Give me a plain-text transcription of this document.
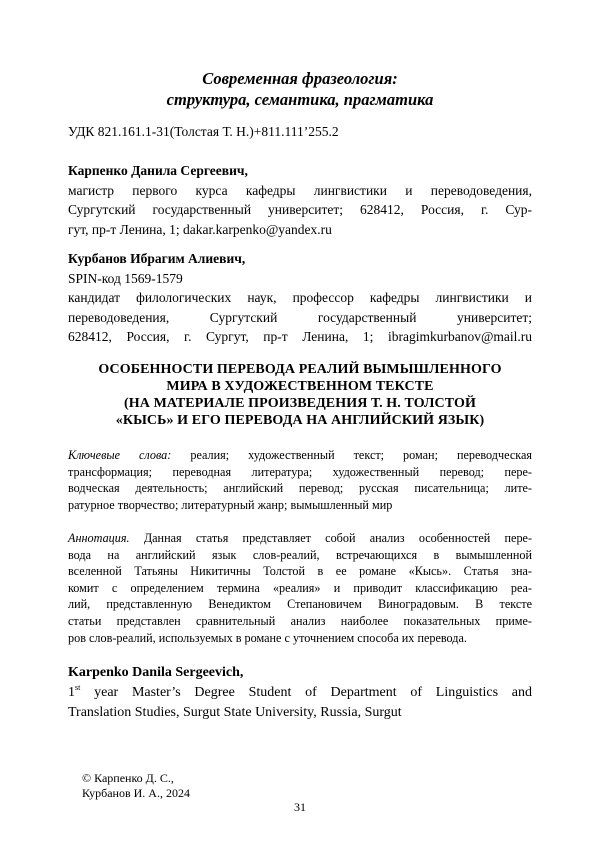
Современная фразеология:
структура, семантика, прагматика
УДК 821.161.1-31(Толстая Т. Н.)+811.111’255.2
Карпенко Данила Сергеевич,
магистр первого курса кафедры лингвистики и переводоведения,
Сургутский государственный университет; 628412, Россия, г. Сур-
гут, пр-т Ленина, 1; dakar.karpenko@yandex.ru
Курбанов Ибрагим Алиевич,
SPIN-код 1569-1579
кандидат филологических наук, профессор кафедры лингвистики и
переводоведения, Сургутский государственный университет;
628412, Россия, г. Сургут, пр-т Ленина, 1; ibragimkurbanov@mail.ru
ОСОБЕННОСТИ ПЕРЕВОДА РЕАЛИЙ ВЫМЫШЛЕННОГО
МИРА В ХУДОЖЕСТВЕННОМ ТЕКСТЕ
(НА МАТЕРИАЛЕ ПРОИЗВЕДЕНИЯ Т. Н. ТОЛСТОЙ
«КЫСЬ» И ЕГО ПЕРЕВОДА НА АНГЛИЙСКИЙ ЯЗЫК)
Ключевые слова: реалия; художественный текст; роман; переводческая
трансформация; переводная литература; художественный перевод; пере-
водческая деятельность; английский перевод; русская писательница; лите-
ратурное творчество; литературный жанр; вымышленный мир
Аннотация. Данная статья представляет собой анализ особенностей пере-
вода на английский язык слов-реалий, встречающихся в вымышленной
вселенной Татьяны Никитичны Толстой в ее романе «Кысь». Статья зна-
комит с определением термина «реалия» и приводит классификацию реа-
лий, представленную Венедиктом Степановичем Виноградовым. В тексте
статьи представлен сравнительный анализ наиболее показательных приме-
ров слов-реалий, используемых в романе с уточнением способа их перевода.
Karpenko Danila Sergeevich,
1st year Master’s Degree Student of Department of Linguistics and
Translation Studies, Surgut State University, Russia, Surgut
© Карпенко Д. С.,
Курбанов И. А., 2024
31
